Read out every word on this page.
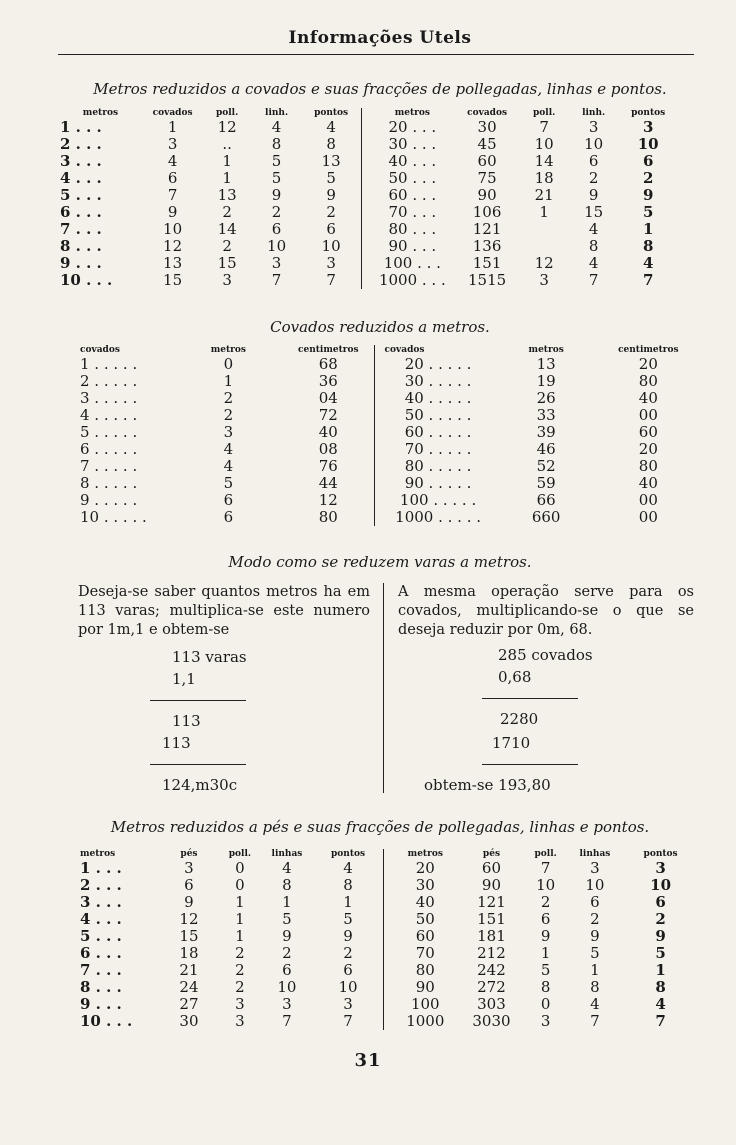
Informações Utels
Metros reduzidos a covados e suas fracções de pollegadas, linhas e pontos.
metros	covados	poll.	linh.	pontos	metros	covados	poll.	linh.	pontos
1 . . .	1	12	4	4	20 . . .	30	7	3	3
2 . . .	3	..	8	8	30 . . .	45	10	10	10
3 . . .	4	1	5	13	40 . . .	60	14	6	6
4 . . .	6	1	5	5	50 . . .	75	18	2	2
5 . . .	7	13	9	9	60 . . .	90	21	9	9
6 . . .	9	2	2	2	70 . . .	106	1	15	5
7 . . .	10	14	6	6	80 . . .	121		4	1
8 . . .	12	2	10	10	90 . . .	136		8	8
9 . . .	13	15	3	3	100 . . .	151	12	4	4
10 . . .	15	3	7	7	1000 . . .	1515	3	7	7
Covados reduzidos a metros.
covados	metros	centimetros	covados	metros	centimetros
1 . . . . .	0	68	20 . . . . .	13	20
2 . . . . .	1	36	30 . . . . .	19	80
3 . . . . .	2	04	40 . . . . .	26	40
4 . . . . .	2	72	50 . . . . .	33	00
5 . . . . .	3	40	60 . . . . .	39	60
6 . . . . .	4	08	70 . . . . .	46	20
7 . . . . .	4	76	80 . . . . .	52	80
8 . . . . .	5	44	90 . . . . .	59	40
9 . . . . .	6	12	100 . . . . .	66	00
10 . . . . .	6	80	1000 . . . . .	660	00
Modo como se reduzem varas a metros.
Deseja-se saber quantos metros ha em 113 varas; multiplica-se este numero por 1m,1 e obtem-se
A mesma operação serve para os covados, multiplicando-se o que se deseja reduzir por 0m, 68.
113 varas
1,1
113
113
124,m30c
285 covados
0,68
2280
1710
obtem-se 193,80
Metros reduzidos a pés e suas fracções de pollegadas, linhas e pontos.
metros	pés	poll.	linhas	pontos	metros	pés	poll.	linhas	pontos
1 . . .	3	0	4	4	20	60	7	3	3
2 . . .	6	0	8	8	30	90	10	10	10
3 . . .	9	1	1	1	40	121	2	6	6
4 . . .	12	1	5	5	50	151	6	2	2
5 . . .	15	1	9	9	60	181	9	9	9
6 . . .	18	2	2	2	70	212	1	5	5
7 . . .	21	2	6	6	80	242	5	1	1
8 . . .	24	2	10	10	90	272	8	8	8
9 . . .	27	3	3	3	100	303	0	4	4
10 . . .	30	3	7	7	1000	3030	3	7	7
31
